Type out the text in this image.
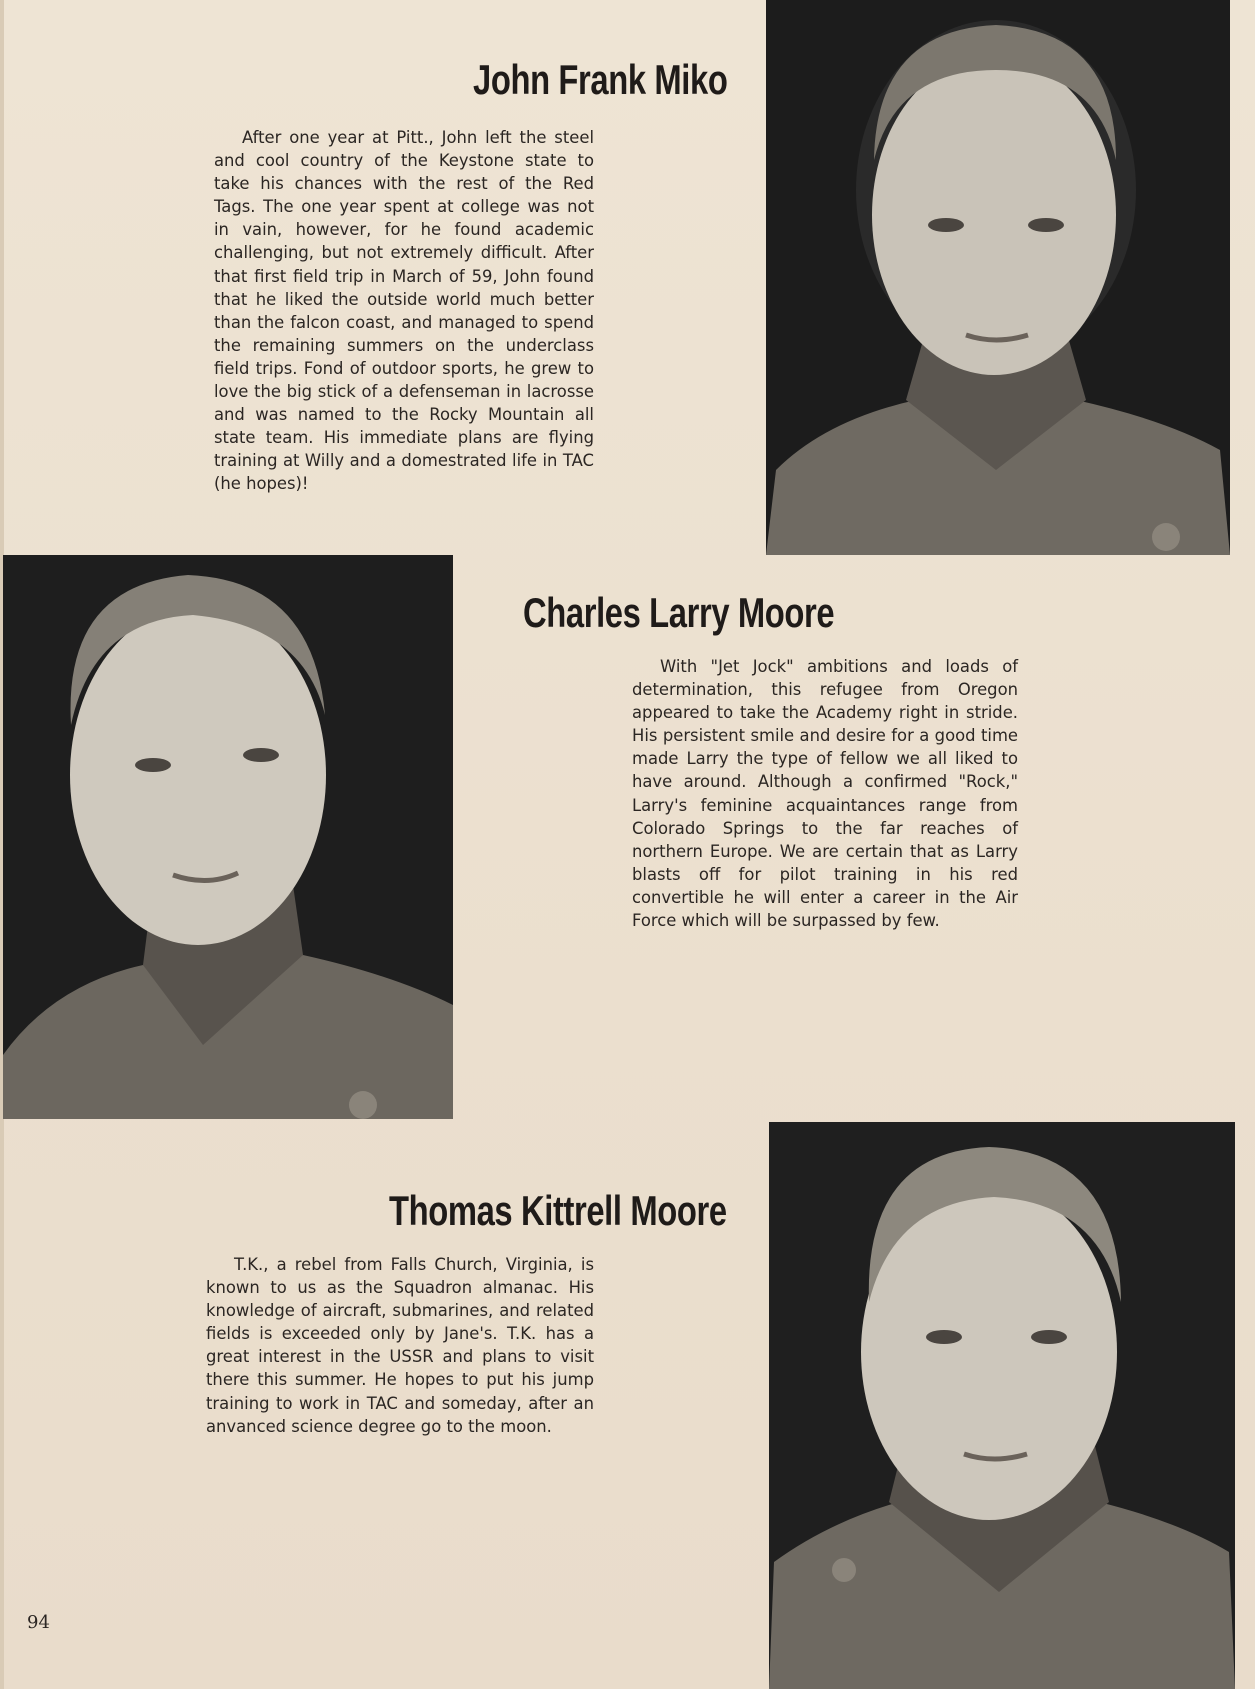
John Frank Miko

After one year at Pitt., John left the steel and cool country of the Keystone state to take his chances with the rest of the Red Tags. The one year spent at college was not in vain, however, for he found academic challenging, but not extremely difficult. After that first field trip in March of 59, John found that he liked the outside world much better than the falcon coast, and managed to spend the remaining summers on the underclass field trips. Fond of outdoor sports, he grew to love the big stick of a defenseman in lacrosse and was named to the Rocky Mountain all state team. His immediate plans are flying training at Willy and a domestrated life in TAC (he hopes)!

Charles Larry Moore

With "Jet Jock" ambitions and loads of determination, this refugee from Oregon appeared to take the Academy right in stride. His persistent smile and desire for a good time made Larry the type of fellow we all liked to have around. Although a confirmed "Rock," Larry's feminine acquaintances range from Colorado Springs to the far reaches of northern Europe. We are certain that as Larry blasts off for pilot training in his red convertible he will enter a career in the Air Force which will be surpassed by few.

Thomas Kittrell Moore

T.K., a rebel from Falls Church, Virginia, is known to us as the Squadron almanac. His knowledge of aircraft, submarines, and related fields is exceeded only by Jane's. T.K. has a great interest in the USSR and plans to visit there this summer. He hopes to put his jump training to work in TAC and someday, after an anvanced science degree go to the moon.

94
